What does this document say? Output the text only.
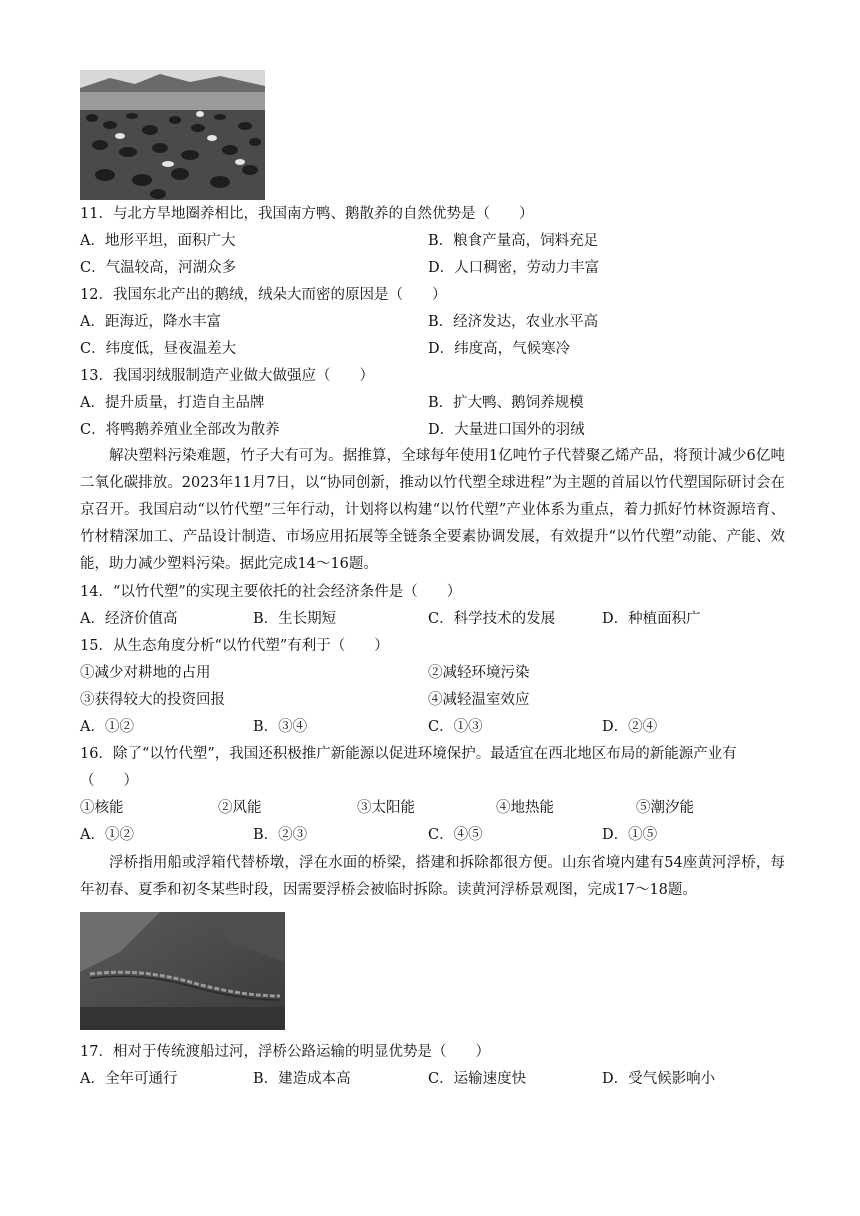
11．与北方旱地圈养相比，我国南方鸭、鹅散养的自然优势是（　　）
A．地形平坦，面积广大	B．粮食产量高，饲料充足
C．气温较高，河湖众多	D．人口稠密，劳动力丰富
12．我国东北产出的鹅绒，绒朵大而密的原因是（　　）
A．距海近，降水丰富	B．经济发达，农业水平高
C．纬度低，昼夜温差大	D．纬度高，气候寒冷
13．我国羽绒服制造产业做大做强应（　　）
A．提升质量，打造自主品牌	B．扩大鸭、鹅饲养规模
C．将鸭鹅养殖业全部改为散养	D．大量进口国外的羽绒
解决塑料污染难题，竹子大有可为。据推算，全球每年使用1亿吨竹子代替聚乙烯产品，将预计减少6亿吨二氧化碳排放。2023年11月7日，以“协同创新，推动以竹代塑全球进程”为主题的首届以竹代塑国际研讨会在京召开。我国启动“以竹代塑”三年行动，计划将以构建“以竹代塑”产业体系为重点，着力抓好竹林资源培育、竹材精深加工、产品设计制造、市场应用拓展等全链条全要素协调发展，有效提升“以竹代塑”动能、产能、效能，助力减少塑料污染。据此完成14～16题。
14．“以竹代塑”的实现主要依托的社会经济条件是（　　）
A．经济价值高	B．生长期短	C．科学技术的发展	D．种植面积广
15．从生态角度分析“以竹代塑”有利于（　　）
①减少对耕地的占用	②减轻环境污染
③获得较大的投资回报	④减轻温室效应
A．①②	B．③④	C．①③	D．②④
16．除了“以竹代塑”，我国还积极推广新能源以促进环境保护。最适宜在西北地区布局的新能源产业有
（　　）
①核能	②风能	③太阳能	④地热能	⑤潮汐能
A．①②	B．②③	C．④⑤	D．①⑤
浮桥指用船或浮箱代替桥墩，浮在水面的桥梁，搭建和拆除都很方便。山东省境内建有54座黄河浮桥，每年初春、夏季和初冬某些时段，因需要浮桥会被临时拆除。读黄河浮桥景观图，完成17～18题。
17．相对于传统渡船过河，浮桥公路运输的明显优势是（　　）
A．全年可通行	B．建造成本高	C．运输速度快	D．受气候影响小
